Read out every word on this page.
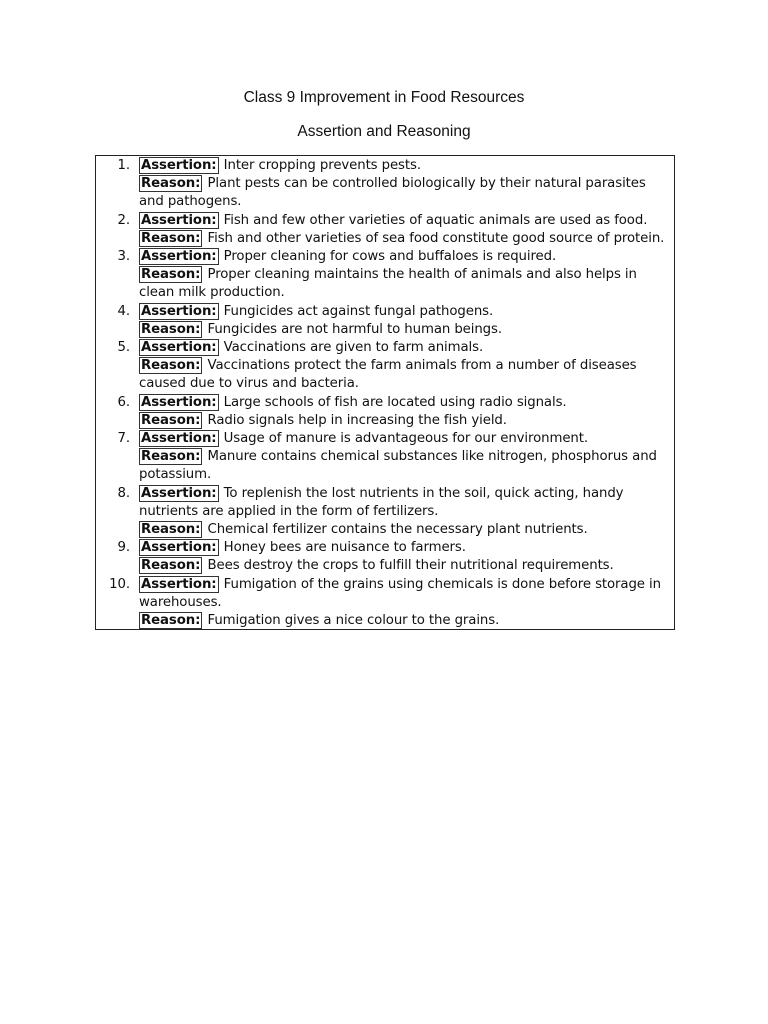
Class 9 Improvement in Food Resources
Assertion and Reasoning
1. Assertion: Inter cropping prevents pests.
Reason: Plant pests can be controlled biologically by their natural parasites and pathogens.
2. Assertion: Fish and few other varieties of aquatic animals are used as food.
Reason: Fish and other varieties of sea food constitute good source of protein.
3. Assertion: Proper cleaning for cows and buffaloes is required.
Reason: Proper cleaning maintains the health of animals and also helps in clean milk production.
4. Assertion: Fungicides act against fungal pathogens.
Reason: Fungicides are not harmful to human beings.
5. Assertion: Vaccinations are given to farm animals.
Reason: Vaccinations protect the farm animals from a number of diseases caused due to virus and bacteria.
6. Assertion: Large schools of fish are located using radio signals.
Reason: Radio signals help in increasing the fish yield.
7. Assertion: Usage of manure is advantageous for our environment.
Reason: Manure contains chemical substances like nitrogen, phosphorus and potassium.
8. Assertion: To replenish the lost nutrients in the soil, quick acting, handy nutrients are applied in the form of fertilizers.
Reason: Chemical fertilizer contains the necessary plant nutrients.
9. Assertion: Honey bees are nuisance to farmers.
Reason: Bees destroy the crops to fulfill their nutritional requirements.
10. Assertion: Fumigation of the grains using chemicals is done before storage in warehouses.
Reason: Fumigation gives a nice colour to the grains.
